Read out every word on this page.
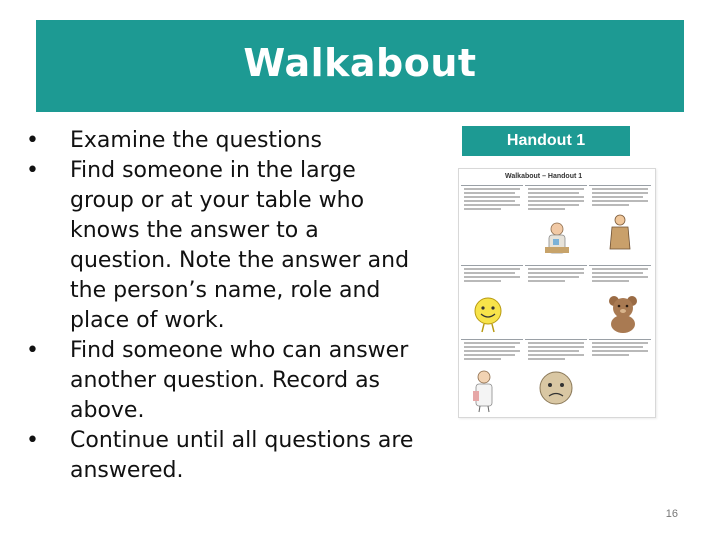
Walkabout
•	Examine the questions
•	Find someone in the large group or at your table who knows the answer to a question. Note the answer and the person’s name, role and place of work.
•	Find someone who can answer another question. Record as above.
•	Continue until all questions are answered.
Handout 1
Walkabout – Handout 1
16
